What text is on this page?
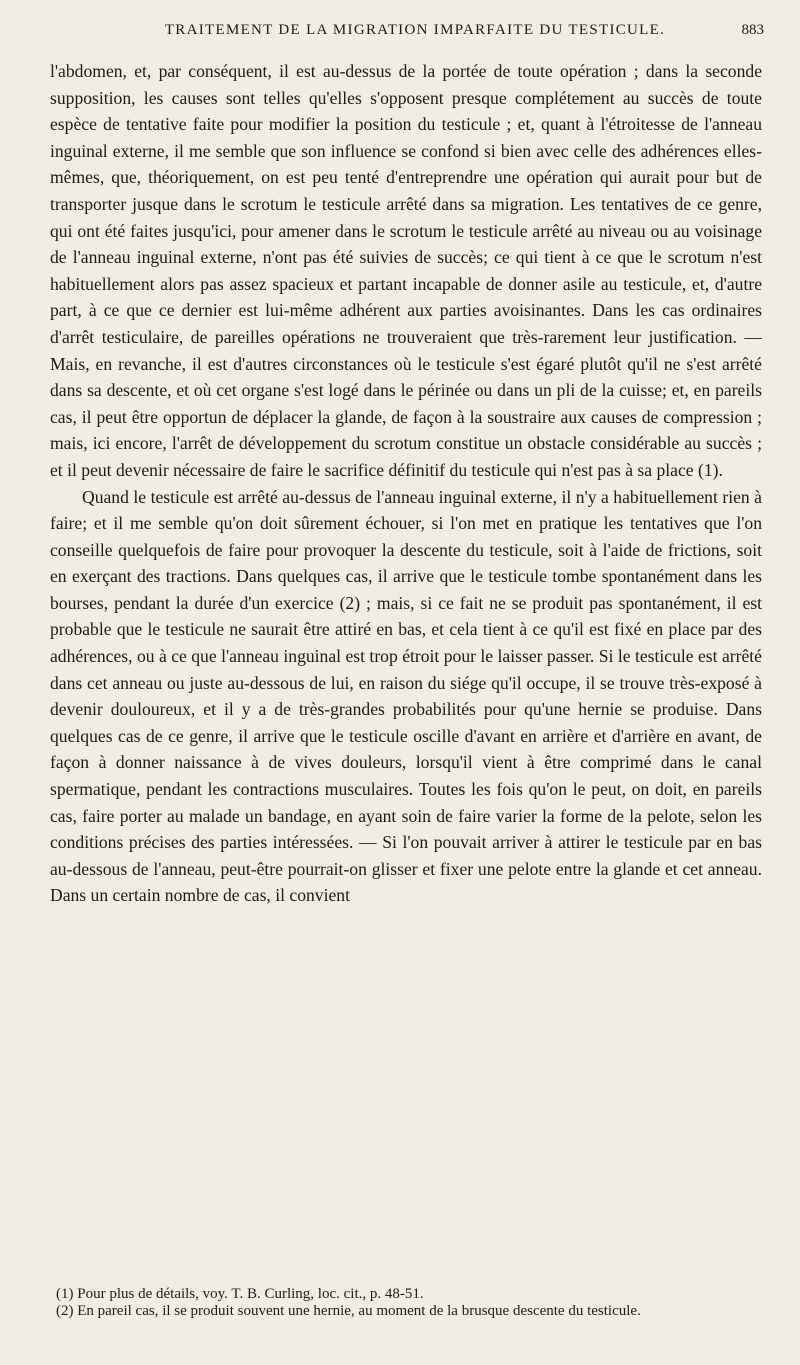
TRAITEMENT DE LA MIGRATION IMPARFAITE DU TESTICULE.	883

l'abdomen, et, par conséquent, il est au-dessus de la portée de toute opération ; dans la seconde supposition, les causes sont telles qu'elles s'opposent presque complétement au succès de toute espèce de tentative faite pour modifier la position du testicule ; et, quant à l'étroitesse de l'anneau inguinal externe, il me semble que son influence se confond si bien avec celle des adhérences elles-mêmes, que, théoriquement, on est peu tenté d'entreprendre une opération qui aurait pour but de transporter jusque dans le scrotum le testicule arrêté dans sa migration. Les tentatives de ce genre, qui ont été faites jusqu'ici, pour amener dans le scrotum le testicule arrêté au niveau ou au voisinage de l'anneau inguinal externe, n'ont pas été suivies de succès; ce qui tient à ce que le scrotum n'est habituellement alors pas assez spacieux et partant incapable de donner asile au testicule, et, d'autre part, à ce que ce dernier est lui-même adhérent aux parties avoisinantes. Dans les cas ordinaires d'arrêt testiculaire, de pareilles opérations ne trouveraient que très-rarement leur justification. — Mais, en revanche, il est d'autres circonstances où le testicule s'est égaré plutôt qu'il ne s'est arrêté dans sa descente, et où cet organe s'est logé dans le périnée ou dans un pli de la cuisse; et, en pareils cas, il peut être opportun de déplacer la glande, de façon à la soustraire aux causes de compression ; mais, ici encore, l'arrêt de développement du scrotum constitue un obstacle considérable au succès ; et il peut devenir nécessaire de faire le sacrifice définitif du testicule qui n'est pas à sa place (1).

Quand le testicule est arrêté au-dessus de l'anneau inguinal externe, il n'y a habituellement rien à faire; et il me semble qu'on doit sûrement échouer, si l'on met en pratique les tentatives que l'on conseille quelquefois de faire pour provoquer la descente du testicule, soit à l'aide de frictions, soit en exerçant des tractions. Dans quelques cas, il arrive que le testicule tombe spontanément dans les bourses, pendant la durée d'un exercice (2) ; mais, si ce fait ne se produit pas spontanément, il est probable que le testicule ne saurait être attiré en bas, et cela tient à ce qu'il est fixé en place par des adhérences, ou à ce que l'anneau inguinal est trop étroit pour le laisser passer. Si le testicule est arrêté dans cet anneau ou juste au-dessous de lui, en raison du siége qu'il occupe, il se trouve très-exposé à devenir douloureux, et il y a de très-grandes probabilités pour qu'une hernie se produise. Dans quelques cas de ce genre, il arrive que le testicule oscille d'avant en arrière et d'arrière en avant, de façon à donner naissance à de vives douleurs, lorsqu'il vient à être comprimé dans le canal spermatique, pendant les contractions musculaires. Toutes les fois qu'on le peut, on doit, en pareils cas, faire porter au malade un bandage, en ayant soin de faire varier la forme de la pelote, selon les conditions précises des parties intéressées. — Si l'on pouvait arriver à attirer le testicule par en bas au-dessous de l'anneau, peut-être pourrait-on glisser et fixer une pelote entre la glande et cet anneau. Dans un certain nombre de cas, il convient

(1) Pour plus de détails, voy. T. B. Curling, loc. cit., p. 48-51.

(2) En pareil cas, il se produit souvent une hernie, au moment de la brusque descente du testicule.
